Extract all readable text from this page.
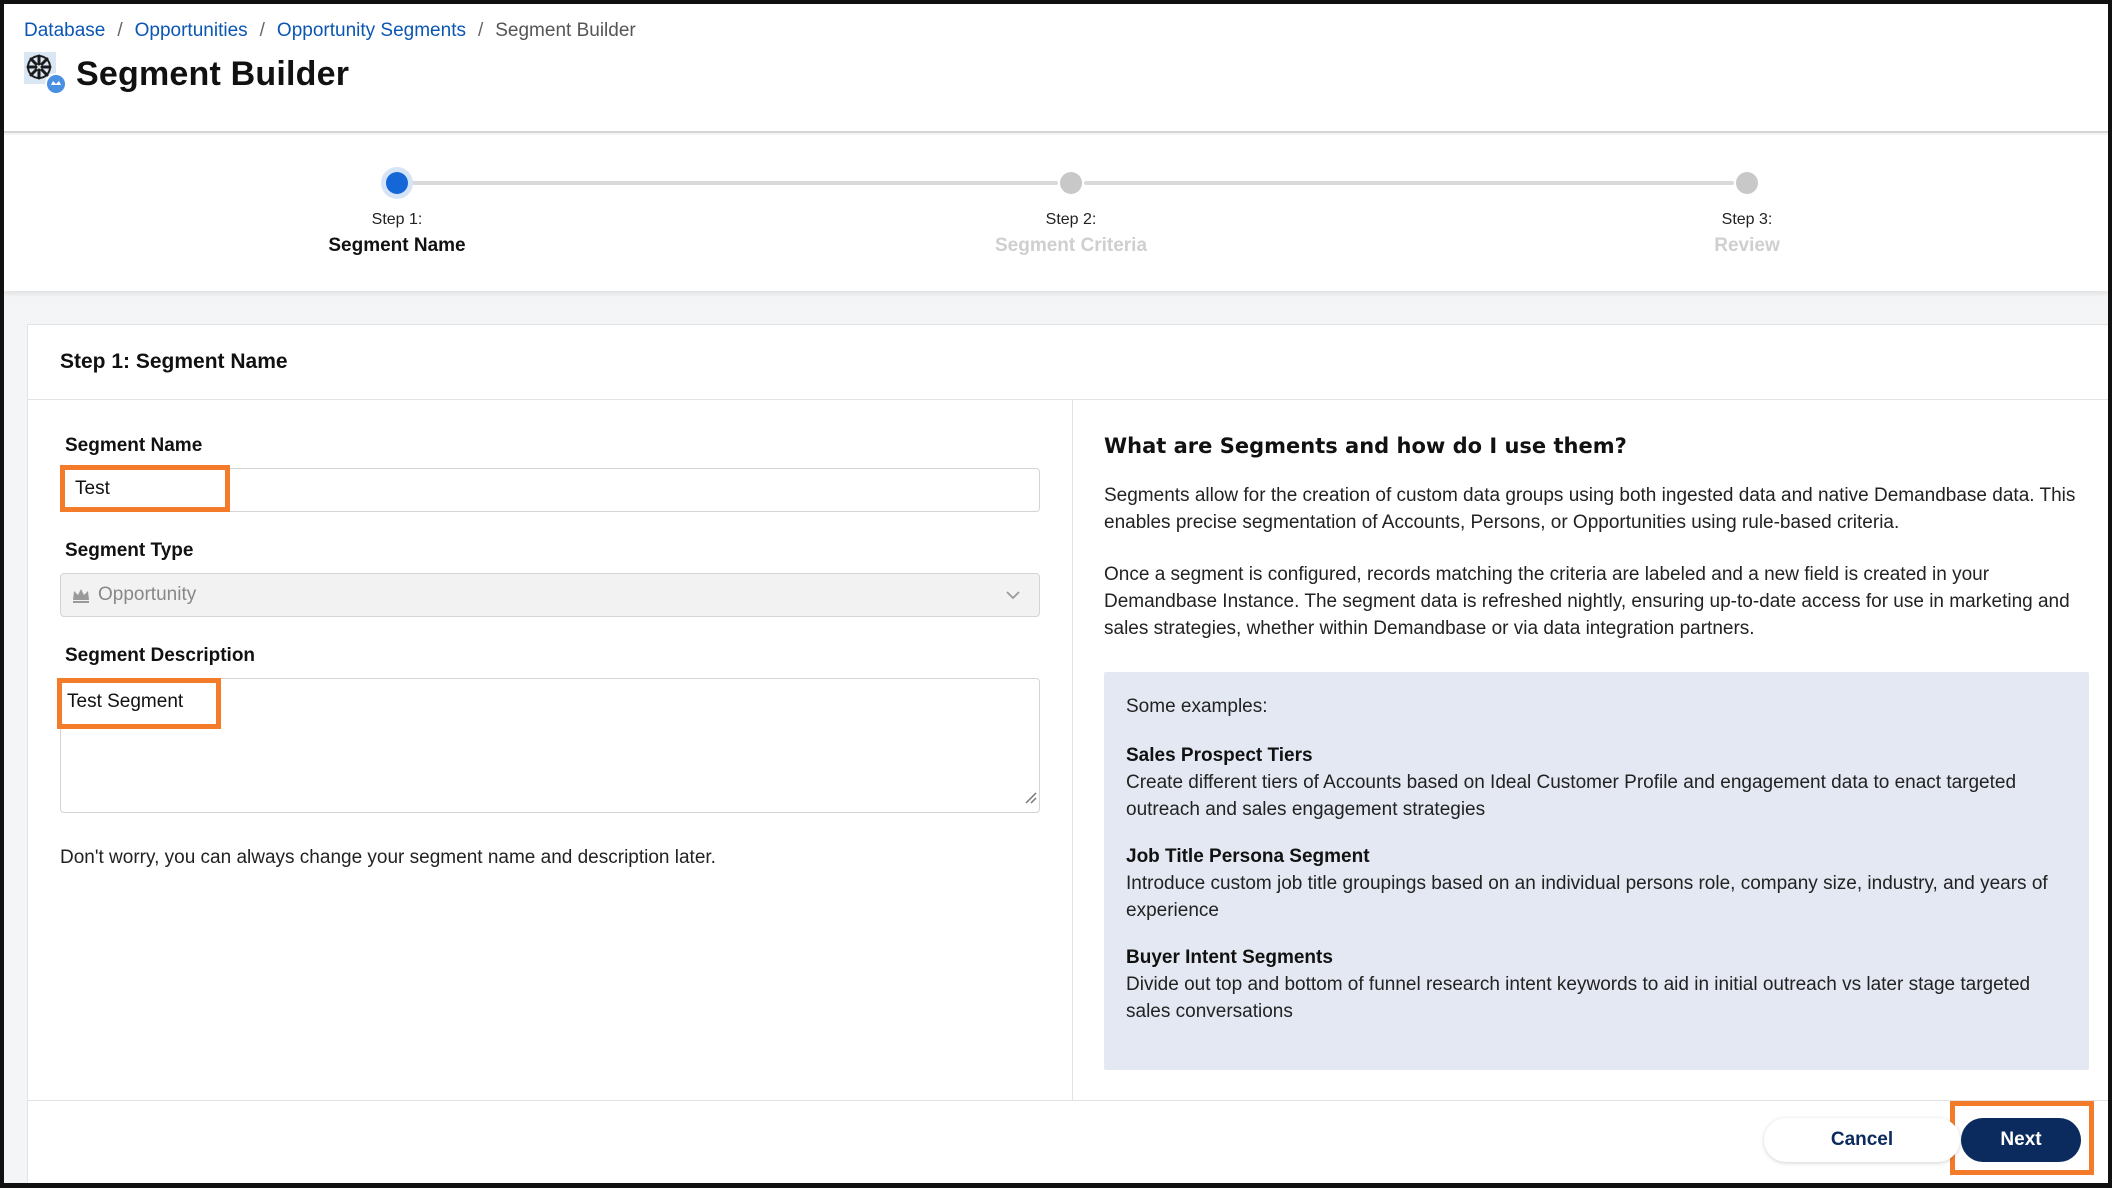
Database / Opportunities / Opportunity Segments / Segment Builder
Segment Builder
Step 1:
Segment Name
Step 2:
Segment Criteria
Step 3:
Review
Step 1: Segment Name
Segment Name
Test
Segment Type
Opportunity
Segment Description
Test Segment
Don't worry, you can always change your segment name and description later.
What are Segments and how do I use them?
Segments allow for the creation of custom data groups using both ingested data and native Demandbase data. This enables precise segmentation of Accounts, Persons, or Opportunities using rule-based criteria.
Once a segment is configured, records matching the criteria are labeled and a new field is created in your Demandbase Instance. The segment data is refreshed nightly, ensuring up-to-date access for use in marketing and sales strategies, whether within Demandbase or via data integration partners.
Some examples:
Sales Prospect Tiers
Create different tiers of Accounts based on Ideal Customer Profile and engagement data to enact targeted outreach and sales engagement strategies
Job Title Persona Segment
Introduce custom job title groupings based on an individual persons role, company size, industry, and years of experience
Buyer Intent Segments
Divide out top and bottom of funnel research intent keywords to aid in initial outreach vs later stage targeted sales conversations
Cancel	Next
